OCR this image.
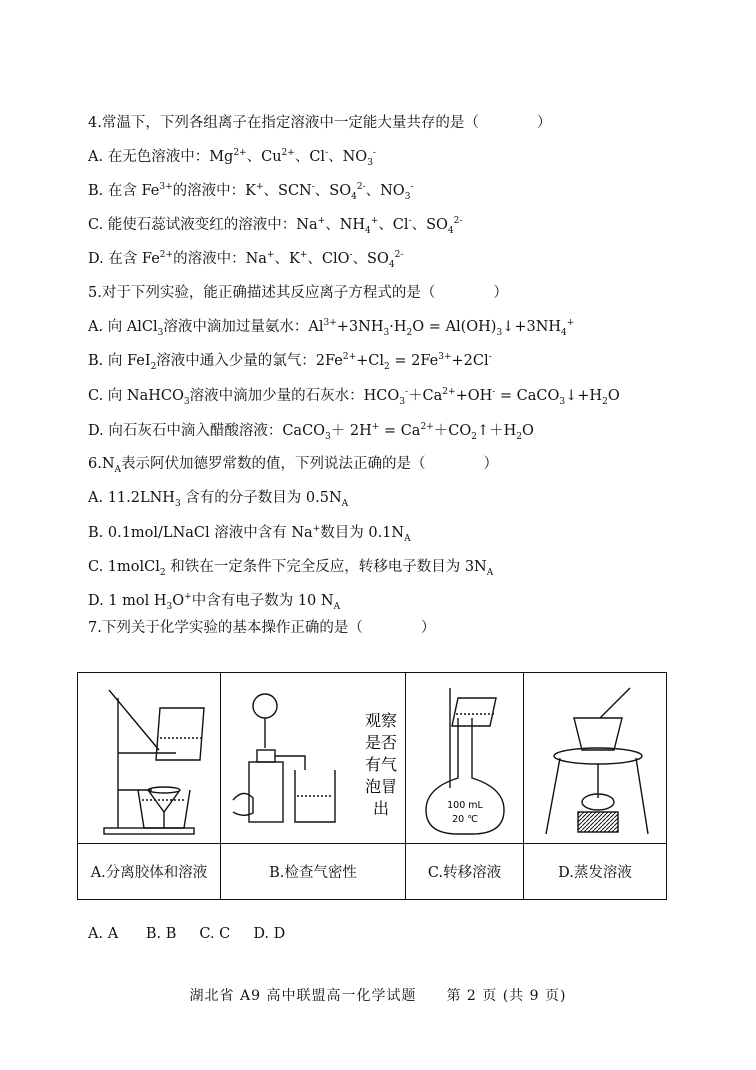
4.常温下，下列各组离子在指定溶液中一定能大量共存的是（	）
A. 在无色溶液中：$Mg^{2+}$、$Cu^{2+}$、Cl-、$NO_3^-$
B. 在含 $Fe^{3+}$的溶液中：K+、SCN-、$SO_4^{2-}$、$NO_3^-$
C. 能使石蕊试液变红的溶液中：Na+、$NH_4^+$、Cl-、$SO_4^{2-}$
D. 在含 $Fe^{2+}$的溶液中：Na+、K+、ClO-、$SO_4^{2-}$
5.对于下列实验，能正确描述其反应离子方程式的是（	）
A. 向 AlCl$_3$溶液中滴加过量氨水：$Al^{3+}+3NH_3\cdot H_2O$ = $Al(OH)_3↓+3NH_4^+$
B. 向 FeI$_2$溶液中通入少量的氯气：$2Fe^{2+}+Cl_2 = 2Fe^{3+}+2Cl^-$
C. 向 NaHCO$_3$溶液中滴加少量的石灰水：$HCO_3^-+Ca^{2+}+OH^-$ = $CaCO_3↓+H_2O$
D. 向石灰石中滴入醋酸溶液：CaCO$_3$＋ $2H^+ = Ca^{2+}+CO_2↑+H_2O$
$6.N_A$表示阿伏加德罗常数的值，下列说法正确的是（	）
A. $11.2LNH_3$ 含有的分子数目为 $0.5N_A$
B. 0.1mol/LNaCl 溶液中含有 Na+数目为 $0.1N_A$
C. 1molCl$_2$ 和铁在一定条件下完全反应，转移电子数目为 $3N_A$
D. 1 mol $H_3O^+$中含有电子数为 10 $N_A$
7.下列关于化学实验的基本操作正确的是（	）

观察
是否
有气
泡冒
出	100 mL
20 ℃

A.分离胶体和溶液	B.检查气密性	C.转移溶液	D.蒸发溶液
A. A      B. B     C. C     D. D
湖北省 A9 高中联盟高一化学试题 第 2 页 (共 9 页)
